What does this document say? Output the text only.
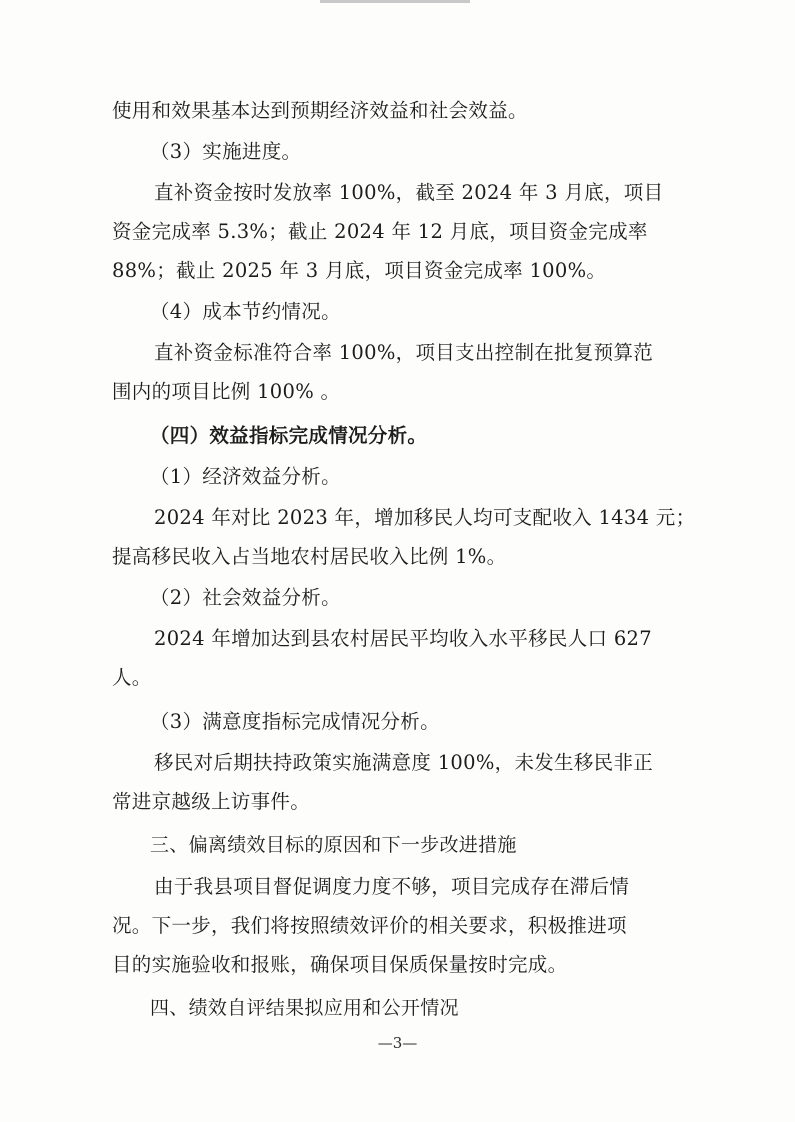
使用和效果基本达到预期经济效益和社会效益。

（3）实施进度。

直补资金按时发放率 100%，截至 2024 年 3 月底，项目

资金完成率 5.3%；截止 2024 年 12 月底，项目资金完成率

88%；截止 2025 年 3 月底，项目资金完成率 100%。

（4）成本节约情况。

直补资金标准符合率 100%，项目支出控制在批复预算范

围内的项目比例 100% 。

（四）效益指标完成情况分析。

（1）经济效益分析。

2024 年对比 2023 年，增加移民人均可支配收入 1434 元；

提高移民收入占当地农村居民收入比例 1%。

（2）社会效益分析。

2024 年增加达到县农村居民平均收入水平移民人口 627

人。

（3）满意度指标完成情况分析。

移民对后期扶持政策实施满意度 100%，未发生移民非正

常进京越级上访事件。

三、偏离绩效目标的原因和下一步改进措施

由于我县项目督促调度力度不够，项目完成存在滞后情

况。下一步，我们将按照绩效评价的相关要求，积极推进项

目的实施验收和报账，确保项目保质保量按时完成。

四、绩效自评结果拟应用和公开情况

—3—
